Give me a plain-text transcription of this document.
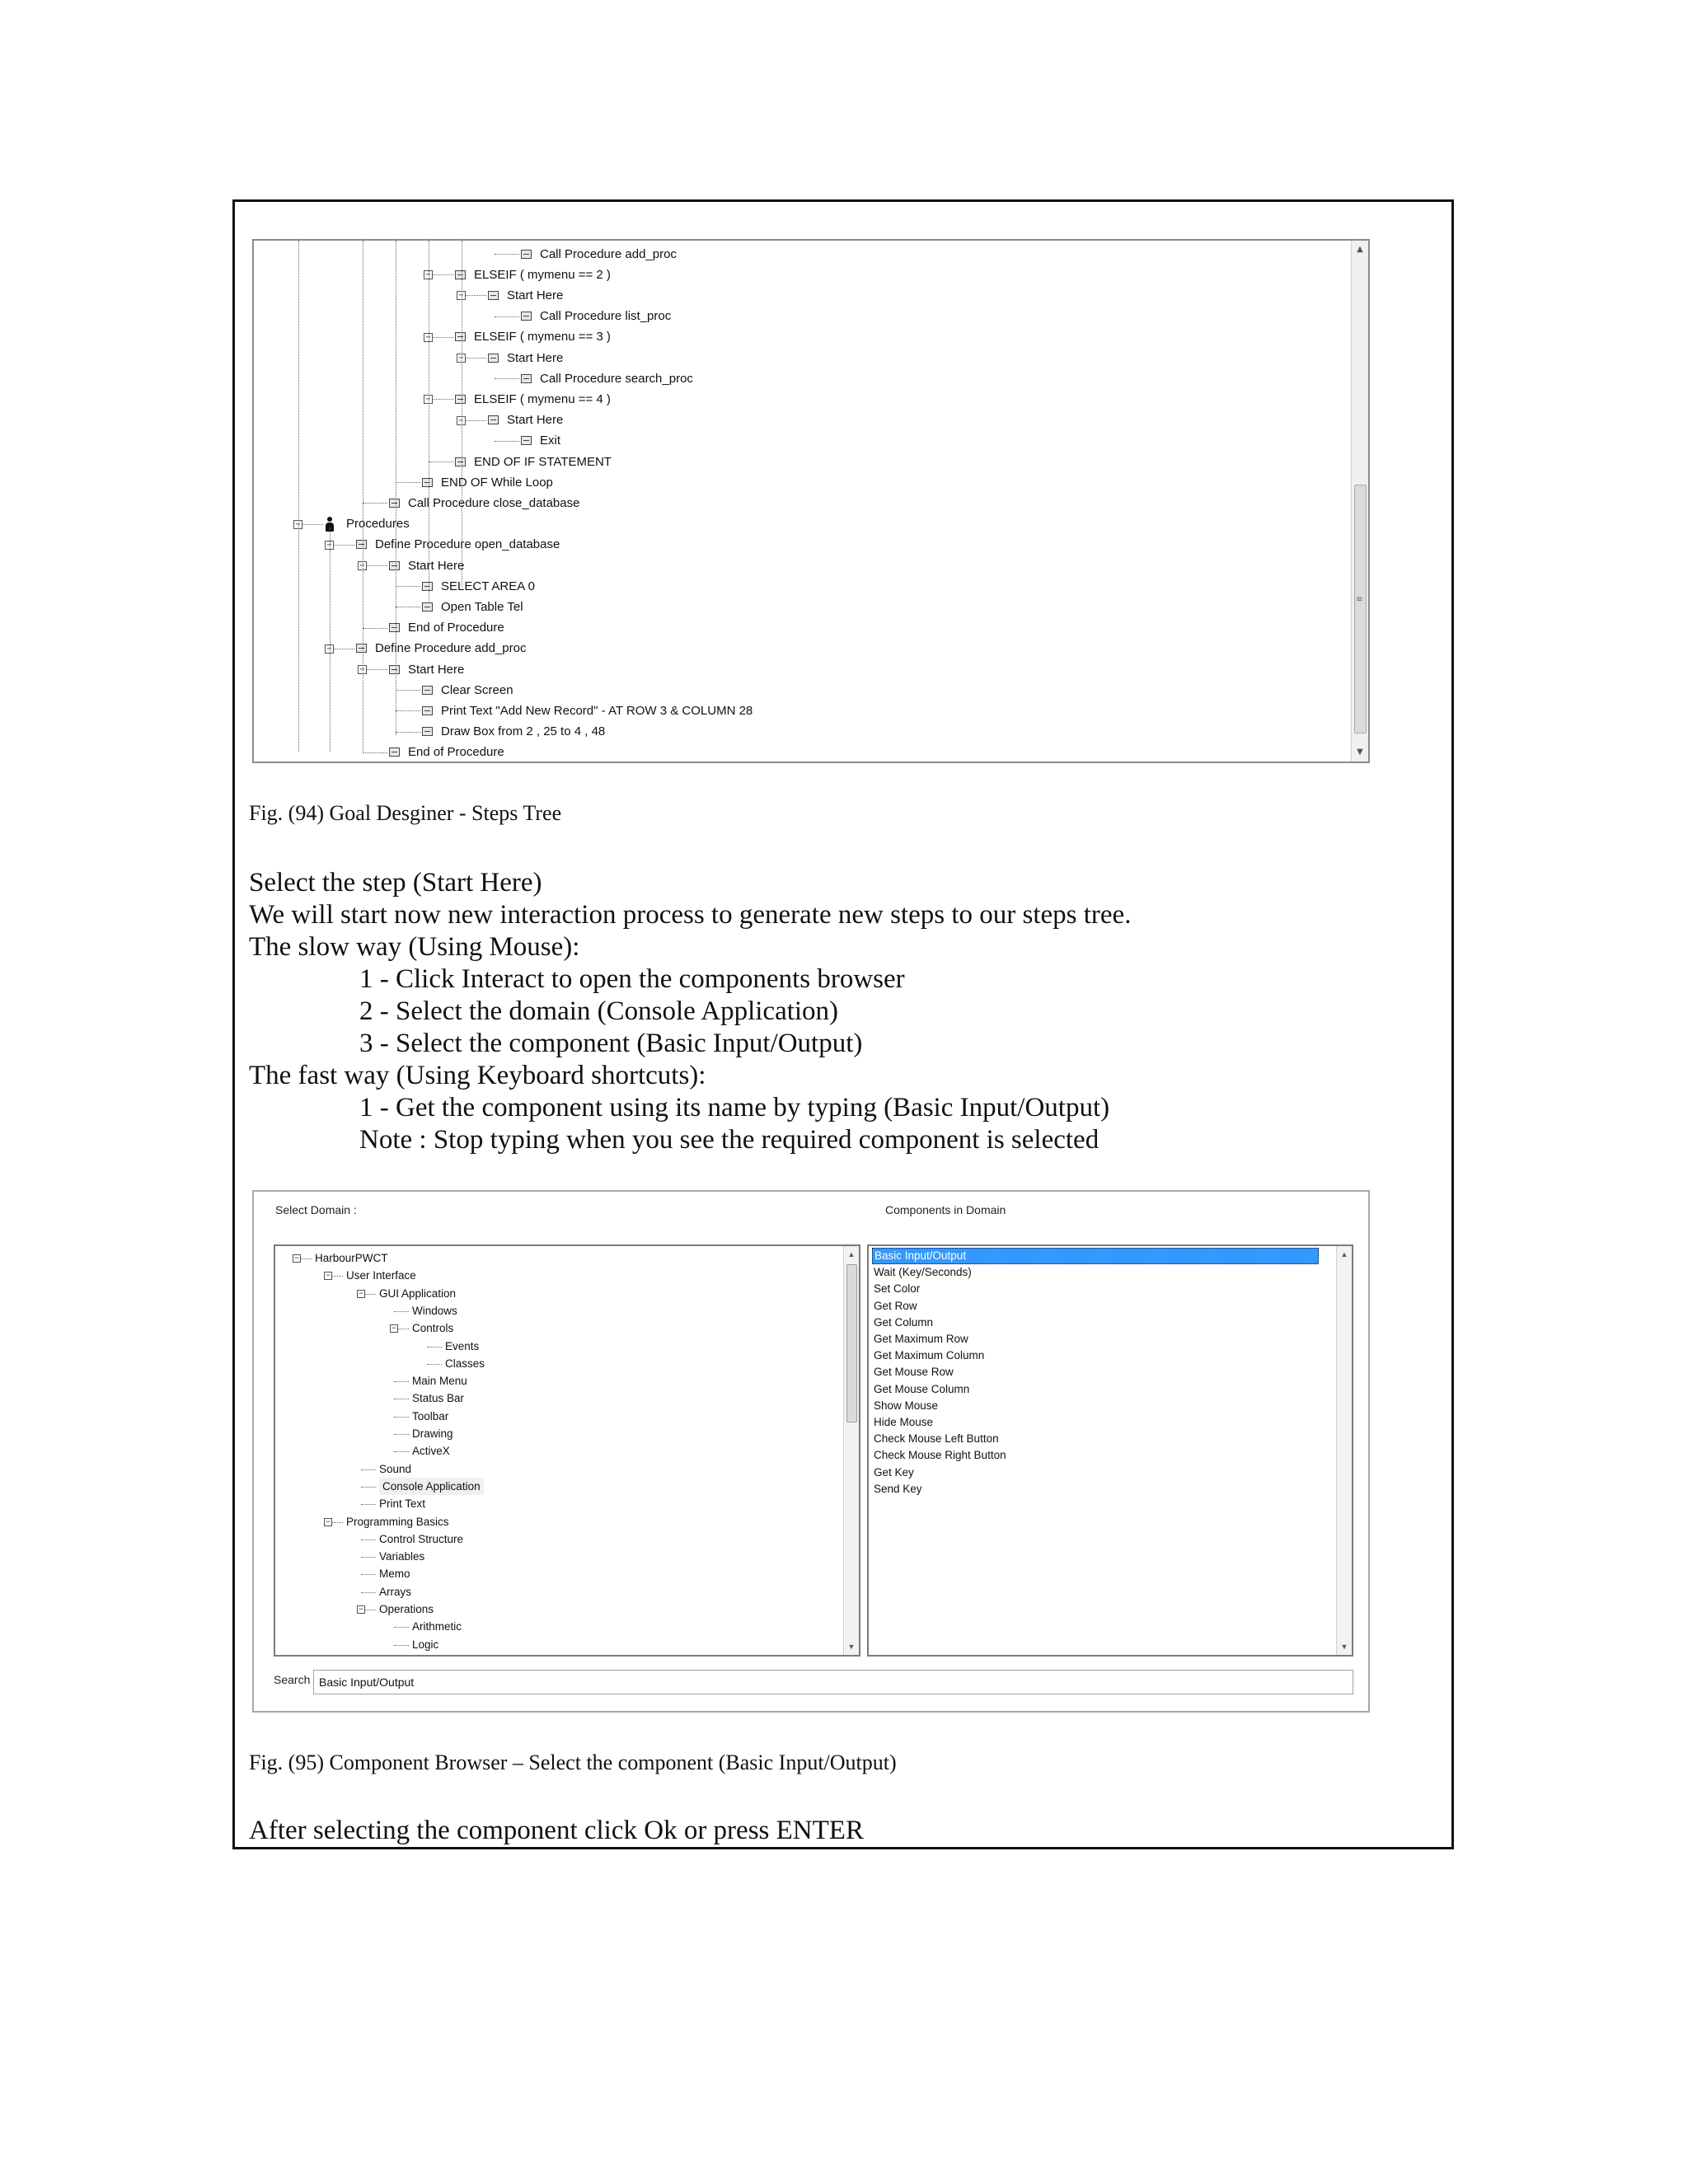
Call Procedure add_proc
ELSEIF ( mymenu == 2 )
−
Start Here
−
Call Procedure list_proc
ELSEIF ( mymenu == 3 )
−
Start Here
−
Call Procedure search_proc
ELSEIF ( mymenu == 4 )
−
Start Here
−
Exit
END OF IF STATEMENT
END OF While Loop
Call Procedure close_database
Procedures
−
Define Procedure open_database
−
Start Here
−
SELECT AREA 0
Open Table Tel
End of Procedure
Define Procedure add_proc
−
Start Here
−
Clear Screen
Print Text "Add New Record" - AT ROW 3 & COLUMN 28
Draw Box from 2 , 25 to 4 , 48
End of Procedure
▲
≡
▼
Fig. (94) Goal Desginer - Steps Tree
Select the step (Start Here)
We will start now new interaction process to generate new steps to our steps tree.
The slow way (Using Mouse):
1 - Click Interact to open the components browser
2 - Select the domain (Console Application)
3 - Select the component (Basic Input/Output)
The fast way (Using Keyboard shortcuts):
1 - Get the component using its name by typing (Basic Input/Output)
Note : Stop typing when you see the required component is selected
Select Domain :	Components in Domain
HarbourPWCT
−
User Interface
−
GUI Application
−
Windows
Controls
−
Events
Classes
Main Menu
Status Bar
Toolbar
Drawing
ActiveX
Sound
Console Application
Print Text
Programming Basics
−
Control Structure
Variables
Memo
Arrays
Operations
−
Arithmetic
Logic
▲
▼
Basic Input/Output
Wait (Key/Seconds)
Set Color
Get Row
Get Column
Get Maximum Row
Get Maximum Column
Get Mouse Row
Get Mouse Column
Show Mouse
Hide Mouse
Check Mouse Left Button
Check Mouse Right Button
Get Key
Send Key
▲
▼
Search Basic Input/Output
Fig. (95) Component Browser – Select the component (Basic Input/Output)
After selecting the component click Ok or press ENTER
